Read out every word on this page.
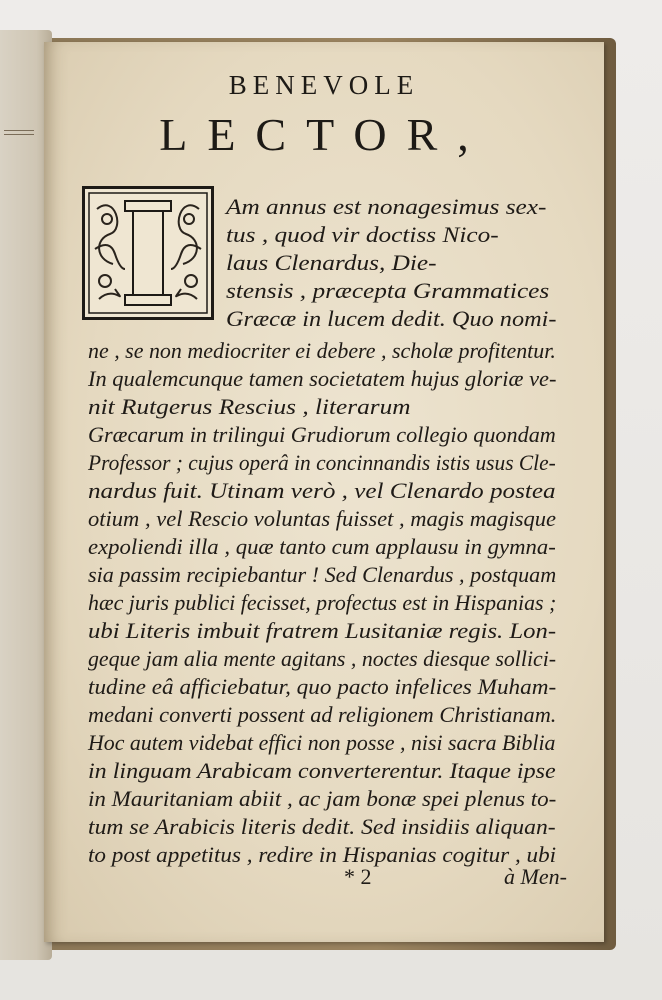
BENEVOLE
LECTOR,
Am annus est nonagesimus sex-
tus , quod vir doctiss Nico-
laus Clenardus, Die-
stensis , præcepta Grammatices
Græcæ in lucem dedit. Quo nomi-
ne , se non mediocriter ei debere , scholæ profitentur.
In qualemcunque tamen societatem hujus gloriæ ve-
nit Rutgerus Rescius , literarum
Græcarum in trilingui Grudiorum collegio quondam
Professor ; cujus operâ in concinnandis istis usus Cle-
nardus fuit. Utinam verò , vel Clenardo postea
otium , vel Rescio voluntas fuisset , magis magisque
expoliendi illa , quæ tanto cum applausu in gymna-
sia passim recipiebantur ! Sed Clenardus , postquam
hæc juris publici fecisset, profectus est in Hispanias ;
ubi Literis imbuit fratrem Lusitaniæ regis. Lon-
geque jam alia mente agitans , noctes diesque sollici-
tudine eâ afficiebatur, quo pacto infelices Muham-
medani converti possent ad religionem Christianam.
Hoc autem videbat effici non posse , nisi sacra Biblia
in linguam Arabicam converterentur. Itaque ipse
in Mauritaniam abiit , ac jam bonæ spei plenus to-
tum se Arabicis literis dedit. Sed insidiis aliquan-
to post appetitus , redire in Hispanias cogitur , ubi
* 2	à Men-
